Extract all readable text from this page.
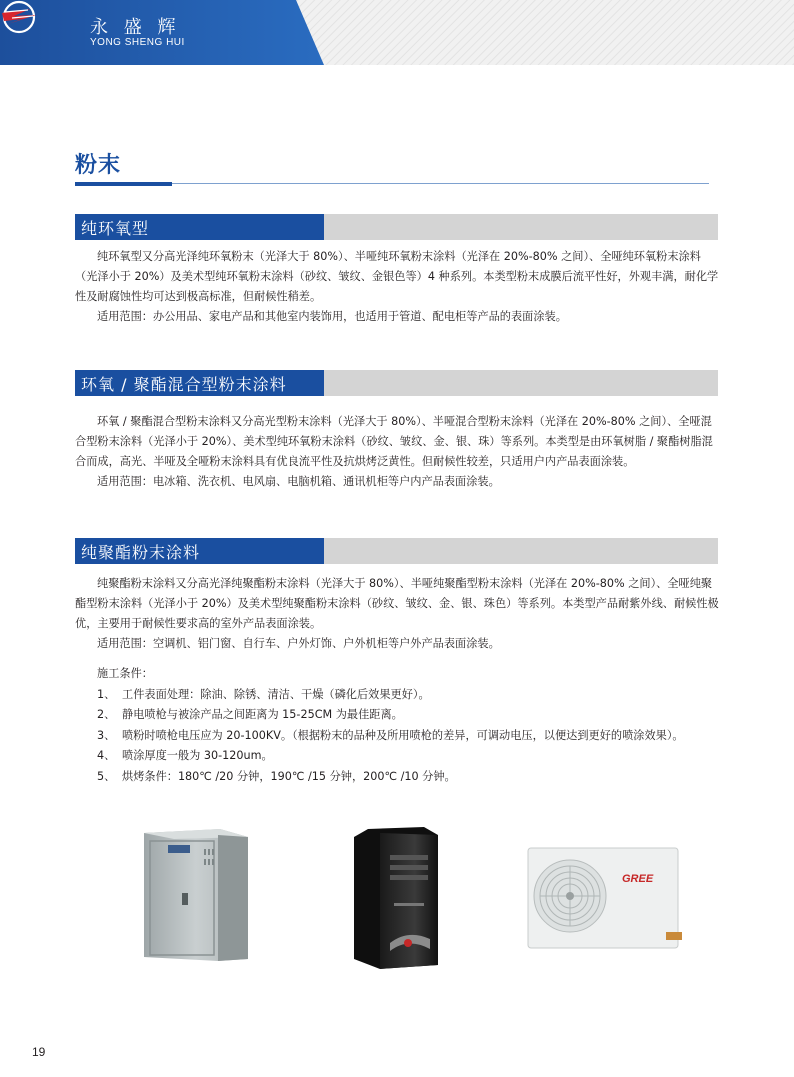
永 盛 辉
YONG SHENG HUI
粉末
纯环氧型

纯环氧型又分高光泽纯环氧粉末（光泽大于 80%）、半哑纯环氧粉末涂料（光泽在 20%-80% 之间）、全哑纯环氧粉末涂料（光泽小于 20%）及美术型纯环氧粉末涂料（砂纹、皱纹、金银色等）4 种系列。本类型粉末成膜后流平性好，外观丰满，耐化学性及耐腐蚀性均可达到极高标准，但耐候性稍差。

适用范围：办公用品、家电产品和其他室内装饰用，也适用于管道、配电柜等产品的表面涂装。

环氧 / 聚酯混合型粉末涂料

环氧 / 聚酯混合型粉末涂料又分高光型粉末涂料（光泽大于 80%）、半哑混合型粉末涂料（光泽在 20%-80% 之间）、全哑混合型粉末涂料（光泽小于 20%）、美术型纯环氧粉末涂料（砂纹、皱纹、金、银、珠）等系列。本类型是由环氧树脂 / 聚酯树脂混合而成，高光、半哑及全哑粉末涂料具有优良流平性及抗烘烤泛黄性。但耐候性较差，只适用户内产品表面涂装。

适用范围：电冰箱、洗衣机、电风扇、电脑机箱、通讯机柜等户内产品表面涂装。

纯聚酯粉末涂料

纯聚酯粉末涂料又分高光泽纯聚酯粉末涂料（光泽大于 80%）、半哑纯聚酯型粉末涂料（光泽在 20%-80% 之间）、全哑纯聚酯型粉末涂料（光泽小于 20%）及美术型纯聚酯粉末涂料（砂纹、皱纹、金、银、珠色）等系列。本类型产品耐紫外线、耐候性极优，主要用于耐候性要求高的室外产品表面涂装。

适用范围：空调机、铝门窗、自行车、户外灯饰、户外机柜等户外产品表面涂装。

施工条件：
1、 工件表面处理：除油、除锈、清洁、干燥（磷化后效果更好）。
2、 静电喷枪与被涂产品之间距离为 15-25CM 为最佳距离。
3、 喷粉时喷枪电压应为 20-100KV。（根据粉末的品种及所用喷枪的差异，可调动电压，以便达到更好的喷涂效果）。
4、 喷涂厚度一般为 30-120um。
5、 烘烤条件：180℃ /20 分钟，190℃ /15 分钟，200℃ /10 分钟。
GREE
19
